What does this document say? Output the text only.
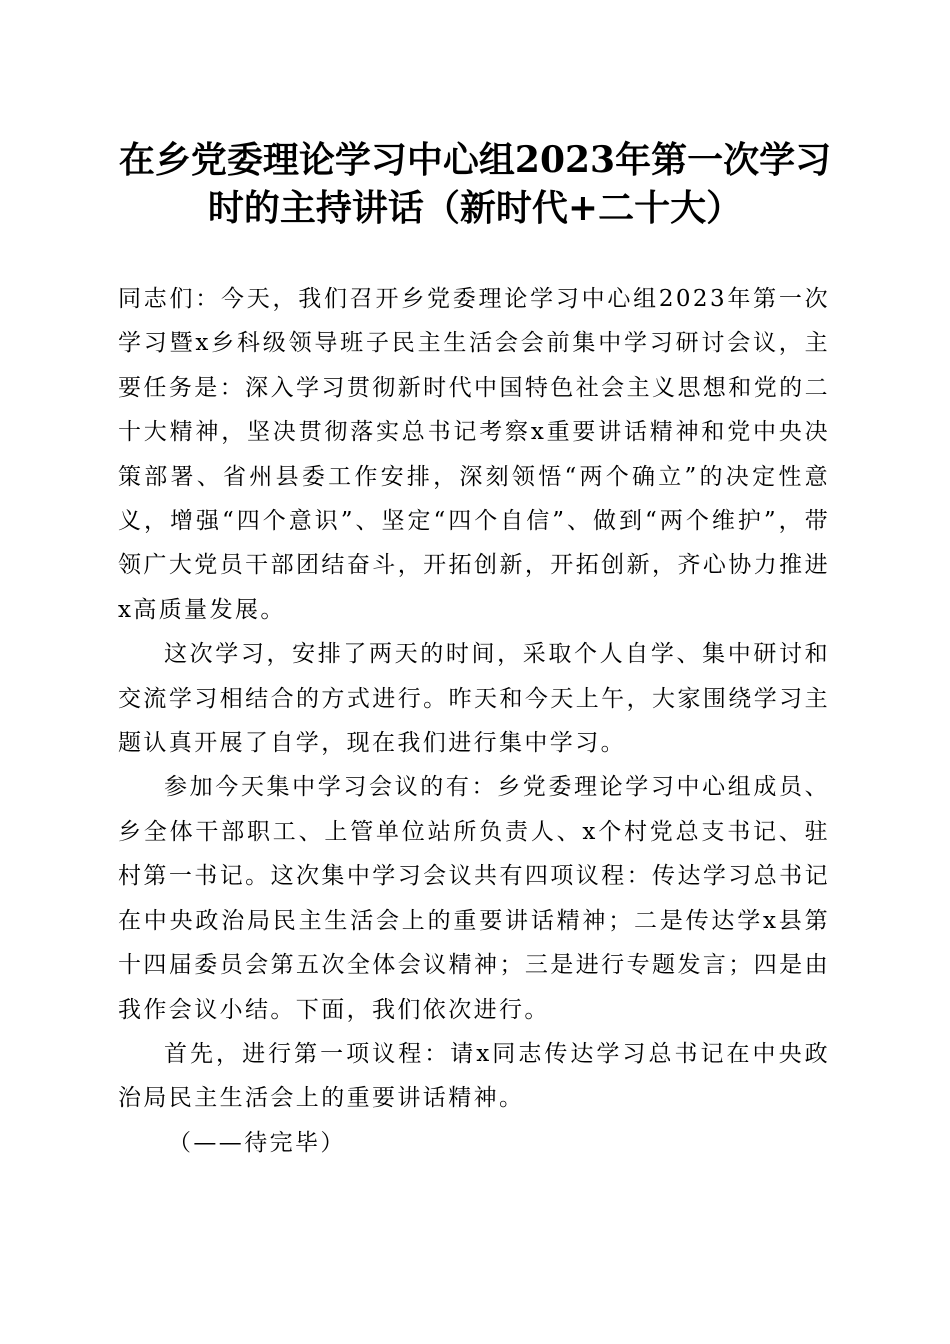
在乡党委理论学习中心组2023年第一次学习
时的主持讲话（新时代+二十大）

同志们：今天，我们召开乡党委理论学习中心组2023年第一次学习暨x乡科级领导班子民主生活会会前集中学习研讨会议，主要任务是：深入学习贯彻新时代中国特色社会主义思想和党的二十大精神，坚决贯彻落实总书记考察x重要讲话精神和党中央决策部署、省州县委工作安排，深刻领悟“两个确立”的决定性意义，增强“四个意识”、坚定“四个自信”、做到“两个维护”，带领广大党员干部团结奋斗，开拓创新，开拓创新，齐心协力推进x高质量发展。

这次学习，安排了两天的时间，采取个人自学、集中研讨和交流学习相结合的方式进行。昨天和今天上午，大家围绕学习主题认真开展了自学，现在我们进行集中学习。

参加今天集中学习会议的有：乡党委理论学习中心组成员、乡全体干部职工、上管单位站所负责人、x个村党总支书记、驻村第一书记。这次集中学习会议共有四项议程：传达学习总书记在中央政治局民主生活会上的重要讲话精神；二是传达学x县第十四届委员会第五次全体会议精神；三是进行专题发言；四是由我作会议小结。下面，我们依次进行。

首先，进行第一项议程：请x同志传达学习总书记在中央政治局民主生活会上的重要讲话精神。

（——待完毕）
